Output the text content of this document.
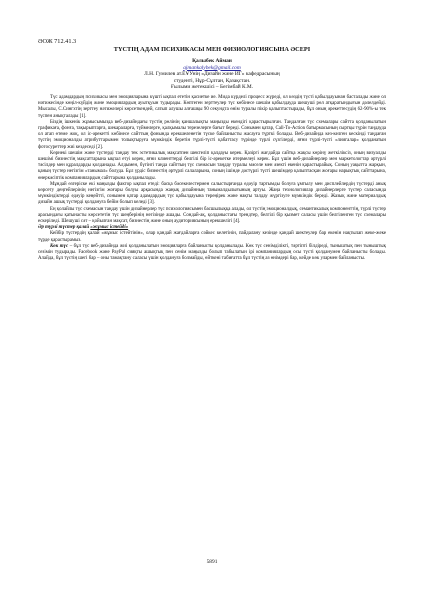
ӘОЖ 712.41.3

ТҮСТІҢ АДАМ ПСИХИКАСЫ МЕН ФИЗИОЛОГИЯСЫНА ӘСЕРІ

Қалыбек Айман
ajmankalybek@gmail.com
Л.Н. Гумилев ат.ЕҰУнің «Дизайн және ИГ» кафедрасының
студенті, Нұр-Сұлтан, Қазақстан.
Ғылыми жетекшісі – Бегімбай К.М.

Түс адамдардың психикасы мен эмоцияларына күшті ықпал ететін қасиетке ие. Мида күрделі процесс жүреді, ол көздің түсті қабылдауынан басталады және ол нәтижесінде көңіл-күйдің және эмоциялардың ауытқуын тудырады. Көптеген зерттеулер түс көбінесе шешім қабылдауда шешуші рөл атқаратындығын дәлелдейді. Мысалы, С.Сингхтің зерттеу нәтижелері көрсеткендей, сатып алушы алғашқы 90 секундта өнім туралы пікір қалыптастырады, бұл оның әрекеттесудің 62-90%-ы тек түспен анықталады [1].

Біздің ішкенік жұмысымызда веб-дизайндағы түстің рөлінің қаншалықты маңызды екендігі қарастырылған. Таңдалған түс схемалары сайтта қолданылатын графикаға, фонға, тақырыптарға, шекараларға, түймелерге, қалқымалы терезелерге бағыт береді. Сонымен қатар, Call-To-Action батырмасының сыртқы түрін таңдауда ол атап өтеме жоқ, ол іс-әрекетті көбінесе сайттың фонында ерекшеленетін түске байланысты жасауға түрткі болады. Веб-дизайнда кез-келген кескінді таңдаған түстің эмоционалды атрибуттарымен толықтыруға мүмкіндік беретін түрлі-түсті қабаттасу түрінде түрлі сүзгілерді, яғни түрлі-түсті «лиигалар» қолданатын фотосуреттер жиі кездеседі [2].

Көрнекі шешім және түстерді таңдау тек эстетикалық мақсатпен шектеліп қалдауы керек. Қазіргі жағдайда сайтқа жақсы көрінү жеткіліксіз, оның визуалды шешімі бизнестің мақсаттарына ықпал етуі керек, яғни клиенттерді белгілі бір іс-әрекетке итермелеуі керек. Бұл үшін веб-дизайнерлер мен маркетологтар әртүрлі тәсілдер мен құралдарды қолданады. Алдымен, бүгінгі таңда сайттың түс схемасын таңдау туралы мәселе мен әзекті екенін қарастырайық. Соның уақытта жарқын, қаның түстер негізгім «танымал» болуда. Бұл үрдіс бизнестің әртүрлі салаларына, соның ішінде дәстүрлі түсті шешімдер қалыптасқан жоғары нарықтық сайттарына, өнеркәсіптік компаниялардың сайттарына қолданылады.

Мұндай өзгеріске екі маңызды фактор ықпал етеді: басқа бәсекелестермен салыстырғанда едәуір тартымды болуға ұмтылу мен дисплейлердің түстерді анық көрсету деңгейлерінің негізгім жоғары болуы арқасында жаңық дизайнның танымалдылығының артуы. Жаңа технологиялар дизайнерлерге түстер саласында мүмкіндіктерді едәуір кеңейтті, сонымен қатар адамдардың түс қабылдауына тереңірек және нақты талдау жүргізуге мүмкіндік береді. Жазық және материалдық дизайн ашық түстерді қолдануға бейім болып келеді [3].

Ең қолайлы түс схемасын таңдау үшін дизайнерлер түс психологиясымен басшылыққа алады, ол түстің эмоционалдық, семантикалық компоненттің, түрлі түстер арасындағы қатынасты көрсететін түс шеңберінің негізінде ашады. Сондай-ақ, қолданыстағы трендтер, белгілі бір қызмет саласы үшін белгіленген түс схемалары ескеріледі. Шешуші сәт – қойылған мақсат, бизнестің және оның аудиториясының ерекшелігі [4].

Әр түрлі түстер қалай «жұмыс істейді»

Кейбір түстердің қалай «жұмыс істейтінін», олар қандай жағдайларға сәйкес келетінін, пайдалану кезінде қандай шектеулер бар екенін нақтылап жеке-жеке түрде қарастырамыз.

Көк түс – бұл түс веб-дизайнда жиі қолданылатын эмоцияларға байланысты қолданылады. Көк түс сенімділікті, тәртіпті білдіреді, тыныштық пен тыныштық сезімін тудырады. Facebook және PayPal сияқты ашықтық пен сенім маңызды болып табылатын ірі компаниялардың осы түсті қолданумен байланысты болады. Алайда, бұл түстің шегі бар – оны тамақтану саласы үшін қолдануға болмайды, өйткені табиғатта бұл түстің аз өнімдері бар, кейде көк улармен байланысты.

5891
